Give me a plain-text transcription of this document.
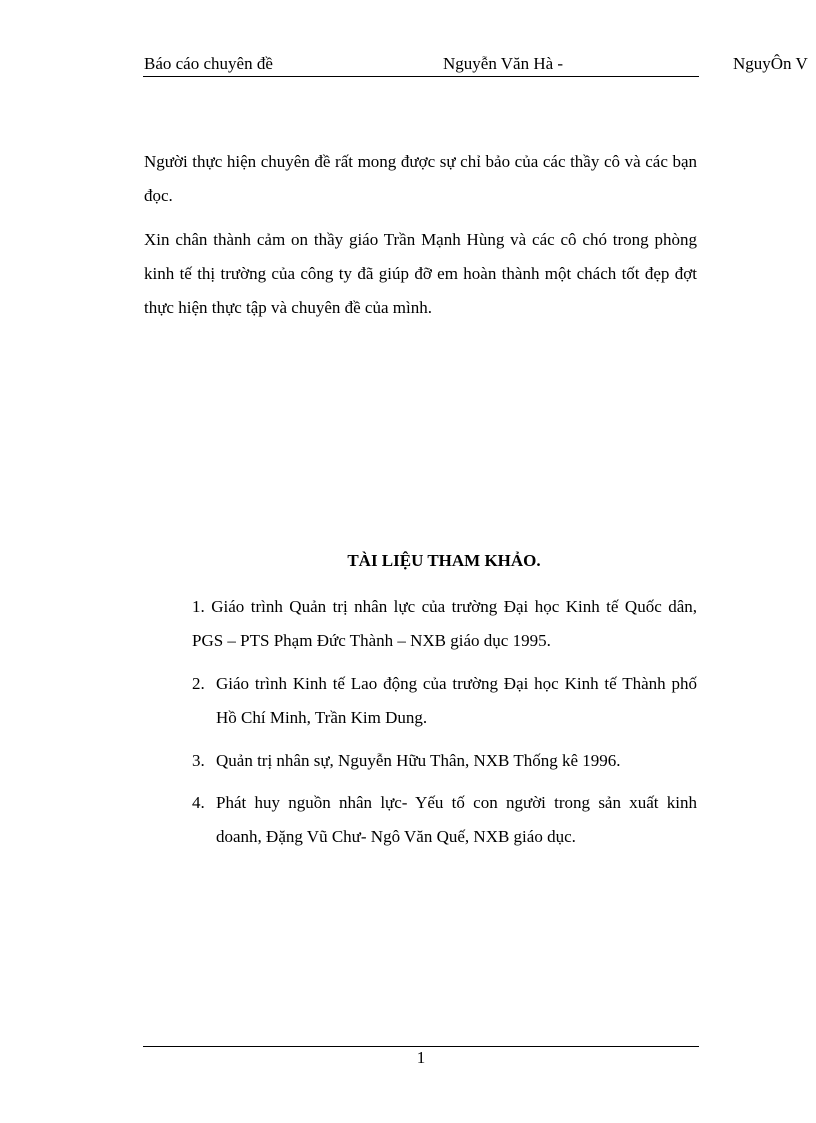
Báo cáo chuyên đề	Nguyễn Văn Hà -	NguyÔn V

Người thực hiện chuyên đề rất mong được sự chỉ bảo của các thầy cô và các bạn đọc.

Xin chân thành cảm on thầy giáo Trần Mạnh Hùng và các cô chó trong phòng kinh tế thị trường của công ty đã giúp đỡ em hoàn thành một chách tốt đẹp đợt thực hiện thực tập và chuyên đề của mình.

TÀI LIỆU THAM KHẢO.
1. Giáo trình Quản trị nhân lực của trường Đại học Kinh tế Quốc dân, PGS – PTS Phạm Đức Thành – NXB giáo dục 1995.
2. Giáo trình Kinh tế Lao động của trường Đại học Kinh tế Thành phố Hồ Chí Minh, Trần Kim Dung.
3. Quản trị nhân sự, Nguyễn Hữu Thân, NXB Thống kê 1996.
4. Phát huy nguồn nhân lực- Yếu tố con người trong sản xuất kinh doanh, Đặng Vũ Chư- Ngô Văn Quế, NXB giáo dục.
1
